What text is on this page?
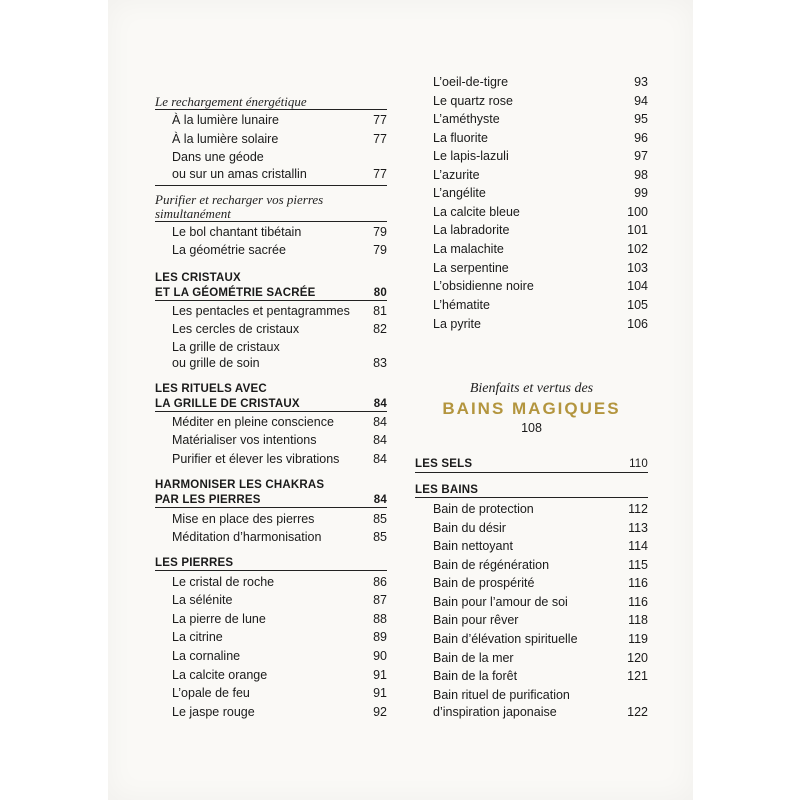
Le rechargement énergétique
À la lumière lunaire	77
À la lumière solaire	77
Dans une géode
ou sur un amas cristallin	77
Purifier et recharger vos pierres
simultanément
Le bol chantant tibétain	79
La géométrie sacrée	79
LES CRISTAUX
ET LA GÉOMÉTRIE SACRÉE	80
Les pentacles et pentagrammes 81
Les cercles de cristaux	82
La grille de cristaux
ou grille de soin	83
LES RITUELS AVEC
LA GRILLE DE CRISTAUX	84
Méditer en pleine conscience	84
Matérialiser vos intentions	84
Purifier et élever les vibrations	84
HARMONISER LES CHAKRAS
PAR LES PIERRES	84
Mise en place des pierres	85
Méditation d’harmonisation	85
LES PIERRES
Le cristal de roche	86
La sélénite	87
La pierre de lune	88
La citrine	89
La cornaline	90
La calcite orange	91
L’opale de feu	91
Le jaspe rouge	92
L’oeil-de-tigre	93
Le quartz rose	94
L’améthyste	95
La fluorite	96
Le lapis-lazuli	97
L’azurite	98
L’angélite	99
La calcite bleue	100
La labradorite	101
La malachite	102
La serpentine	103
L’obsidienne noire	104
L’hématite	105
La pyrite	106
Bienfaits et vertus des
BAINS MAGIQUES
108
LES SELS	110
LES BAINS
Bain de protection	112
Bain du désir	113
Bain nettoyant	114
Bain de régénération	115
Bain de prospérité	116
Bain pour l’amour de soi	116
Bain pour rêver	118
Bain d’élévation spirituelle	119
Bain de la mer	120
Bain de la forêt	121
Bain rituel de purification
d’inspiration japonaise	122
